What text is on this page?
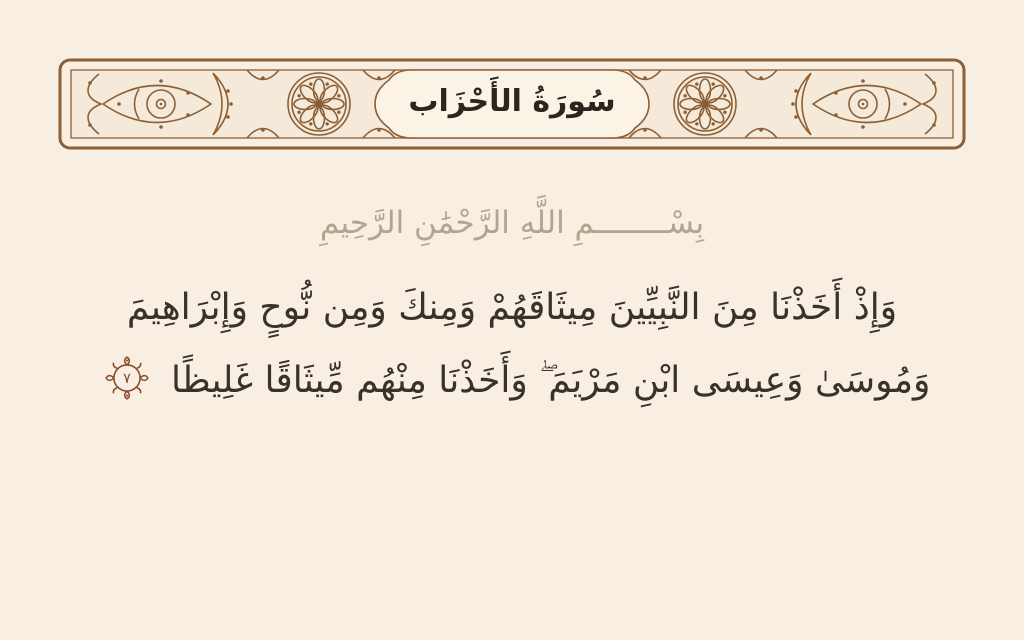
سُورَةُ الأَحْزَاب
بِسْــــــــمِ اللَّهِ الرَّحْمَٰنِ الرَّحِيمِ

وَإِذْ أَخَذْنَا مِنَ النَّبِيِّينَ مِيثَاقَهُمْ وَمِنكَ وَمِن نُّوحٍ وَإِبْرَاهِيمَ

وَمُوسَىٰ وَعِيسَى ابْنِ مَرْيَمَ ۖ وَأَخَذْنَا مِنْهُم مِّيثَاقًا غَلِيظًا
٧
